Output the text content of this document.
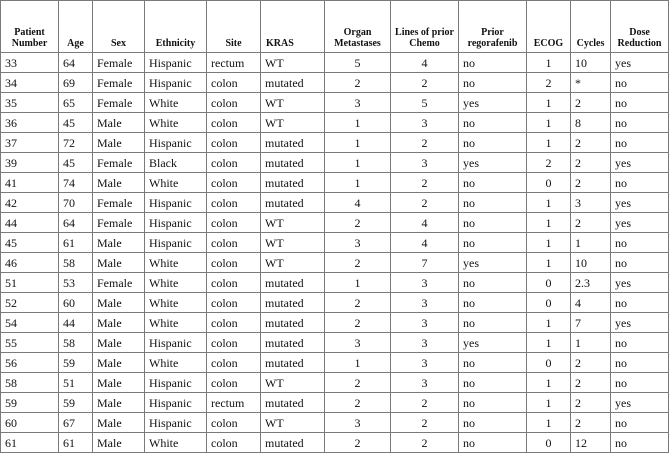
Patient Number	Age	Sex	Ethnicity	Site	KRAS	Organ Metastases	Lines of prior Chemo	Prior regorafenib	ECOG	Cycles	Dose Reduction
33	64	Female	Hispanic	rectum	WT	5	4	no	1	10	yes
34	69	Female	Hispanic	colon	mutated	2	2	no	2	*	no
35	65	Female	White	colon	WT	3	5	yes	1	2	no
36	45	Male	White	colon	WT	1	3	no	1	8	no
37	72	Male	Hispanic	colon	mutated	1	2	no	1	2	no
39	45	Female	Black	colon	mutated	1	3	yes	2	2	yes
41	74	Male	White	colon	mutated	1	2	no	0	2	no
42	70	Female	Hispanic	colon	mutated	4	2	no	1	3	yes
44	64	Female	Hispanic	colon	WT	2	4	no	1	2	yes
45	61	Male	Hispanic	colon	WT	3	4	no	1	1	no
46	58	Male	White	colon	WT	2	7	yes	1	10	no
51	53	Female	White	colon	mutated	1	3	no	0	2.3	yes
52	60	Male	White	colon	mutated	2	3	no	0	4	no
54	44	Male	White	colon	mutated	2	3	no	1	7	yes
55	58	Male	Hispanic	colon	mutated	3	3	yes	1	1	no
56	59	Male	White	colon	mutated	1	3	no	0	2	no
58	51	Male	Hispanic	colon	WT	2	3	no	1	2	no
59	59	Male	Hispanic	rectum	mutated	2	2	no	1	2	yes
60	67	Male	Hispanic	colon	WT	3	2	no	1	2	no
61	61	Male	White	colon	mutated	2	2	no	0	12	no
